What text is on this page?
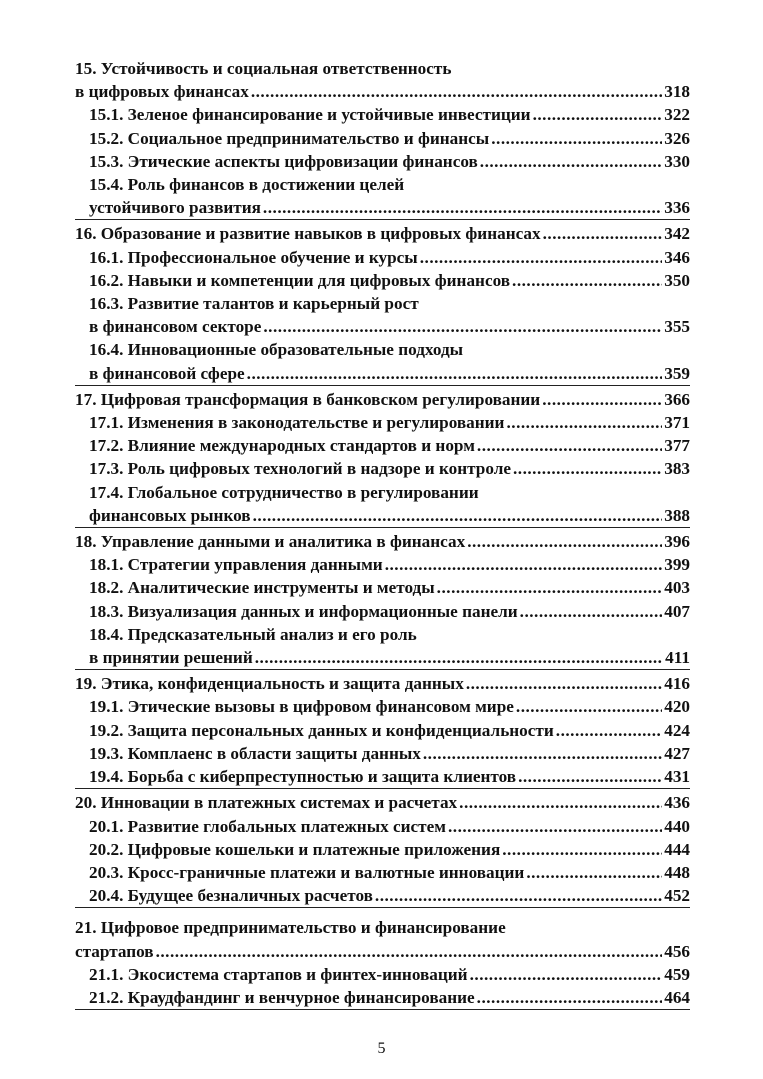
15. Устойчивость и социальная ответственность
в цифровых финансах .....	318
15.1. Зеленое финансирование и устойчивые инвестиции .....	322
15.2. Социальное предпринимательство и финансы .....	326
15.3. Этические аспекты цифровизации финансов .....	330
15.4. Роль финансов в достижении целей
устойчивого развития .....	336
16. Образование и развитие навыков в цифровых финансах .....	342
16.1. Профессиональное обучение и курсы .....	346
16.2. Навыки и компетенции для цифровых финансов .....	350
16.3. Развитие талантов и карьерный рост
в финансовом секторе .....	355
16.4. Инновационные образовательные подходы
в финансовой сфере .....	359
17. Цифровая трансформация в банковском регулировании .....	366
17.1. Изменения в законодательстве и регулировании .....	371
17.2. Влияние международных стандартов и норм .....	377
17.3. Роль цифровых технологий в надзоре и контроле .....	383
17.4. Глобальное сотрудничество в регулировании
финансовых рынков .....	388
18. Управление данными и аналитика в финансах .....	396
18.1. Стратегии управления данными .....	399
18.2. Аналитические инструменты и методы .....	403
18.3. Визуализация данных и информационные панели .....	407
18.4. Предсказательный анализ и его роль
в принятии решений .....	411
19. Этика, конфиденциальность и защита данных .....	416
19.1. Этические вызовы в цифровом финансовом мире .....	420
19.2. Защита персональных данных и конфиденциальности .....	424
19.3. Комплаенс в области защиты данных .....	427
19.4. Борьба с киберпреступностью и защита клиентов .....	431
20. Инновации в платежных системах и расчетах .....	436
20.1. Развитие глобальных платежных систем .....	440
20.2. Цифровые кошельки и платежные приложения .....	444
20.3. Кросс-граничные платежи и валютные инновации .....	448
20.4. Будущее безналичных расчетов .....	452
21. Цифровое предпринимательство и финансирование
стартапов .....	456
21.1. Экосистема стартапов и финтех-инноваций .....	459
21.2. Краудфандинг и венчурное финансирование .....	464
5
